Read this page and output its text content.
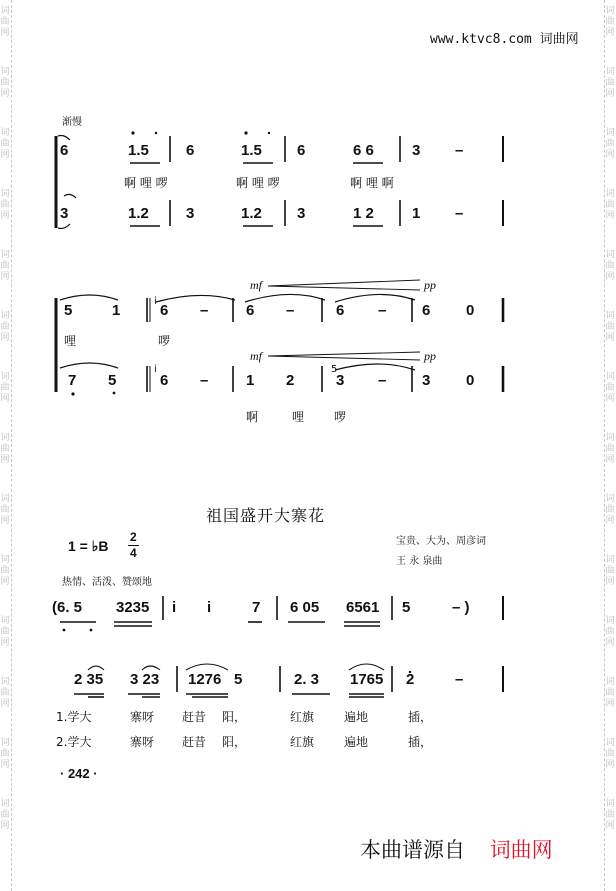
词
曲
网
词
曲
网
词
曲
网
词
曲
网
词
曲
网
词
曲
网
词
曲
网
词
曲
网
词
曲
网
词
曲
网
词
曲
网
词
曲
网
词
曲
网
词
曲
网
词
曲
网
词
曲
网
词
曲
网
词
曲
网
词
曲
网
词
曲
网
词
曲
网
词
曲
网
词
曲
网
词
曲
网
词
曲
网
词
曲
网
词
曲
网
词
曲
网
www.ktvc8.com 词曲网
渐慢
6	1.5 6	1.5 6	6 6	3 –
啊 哩 啰	啊 哩 啰	啊 哩 啊
3	1.2 3	1.2 3	1 2	1 –
5	1	6 –	6 –	6 – 6 0
mf	pp
i
哩	啰
7 5	6 –	1 2	3 – 3 0
mf	pp
i	5
啊	哩 啰
祖国盛开大寨花
1 = ♭B
2
4
宝贵、大为、周彦词
王 永 泉曲
热情、活泼、赞颂地
(6. 5 3235 i i	7 6 05 6561 5	– )
2 35 3 23 1276 5	2. 3 1765 2	–
1.学大	寨呀 赶昔 阳，	红旗 遍地	插，
2.学大	寨呀 赶昔 阳，	红旗 遍地	插，
· 242 ·
本曲谱源自 词曲网
